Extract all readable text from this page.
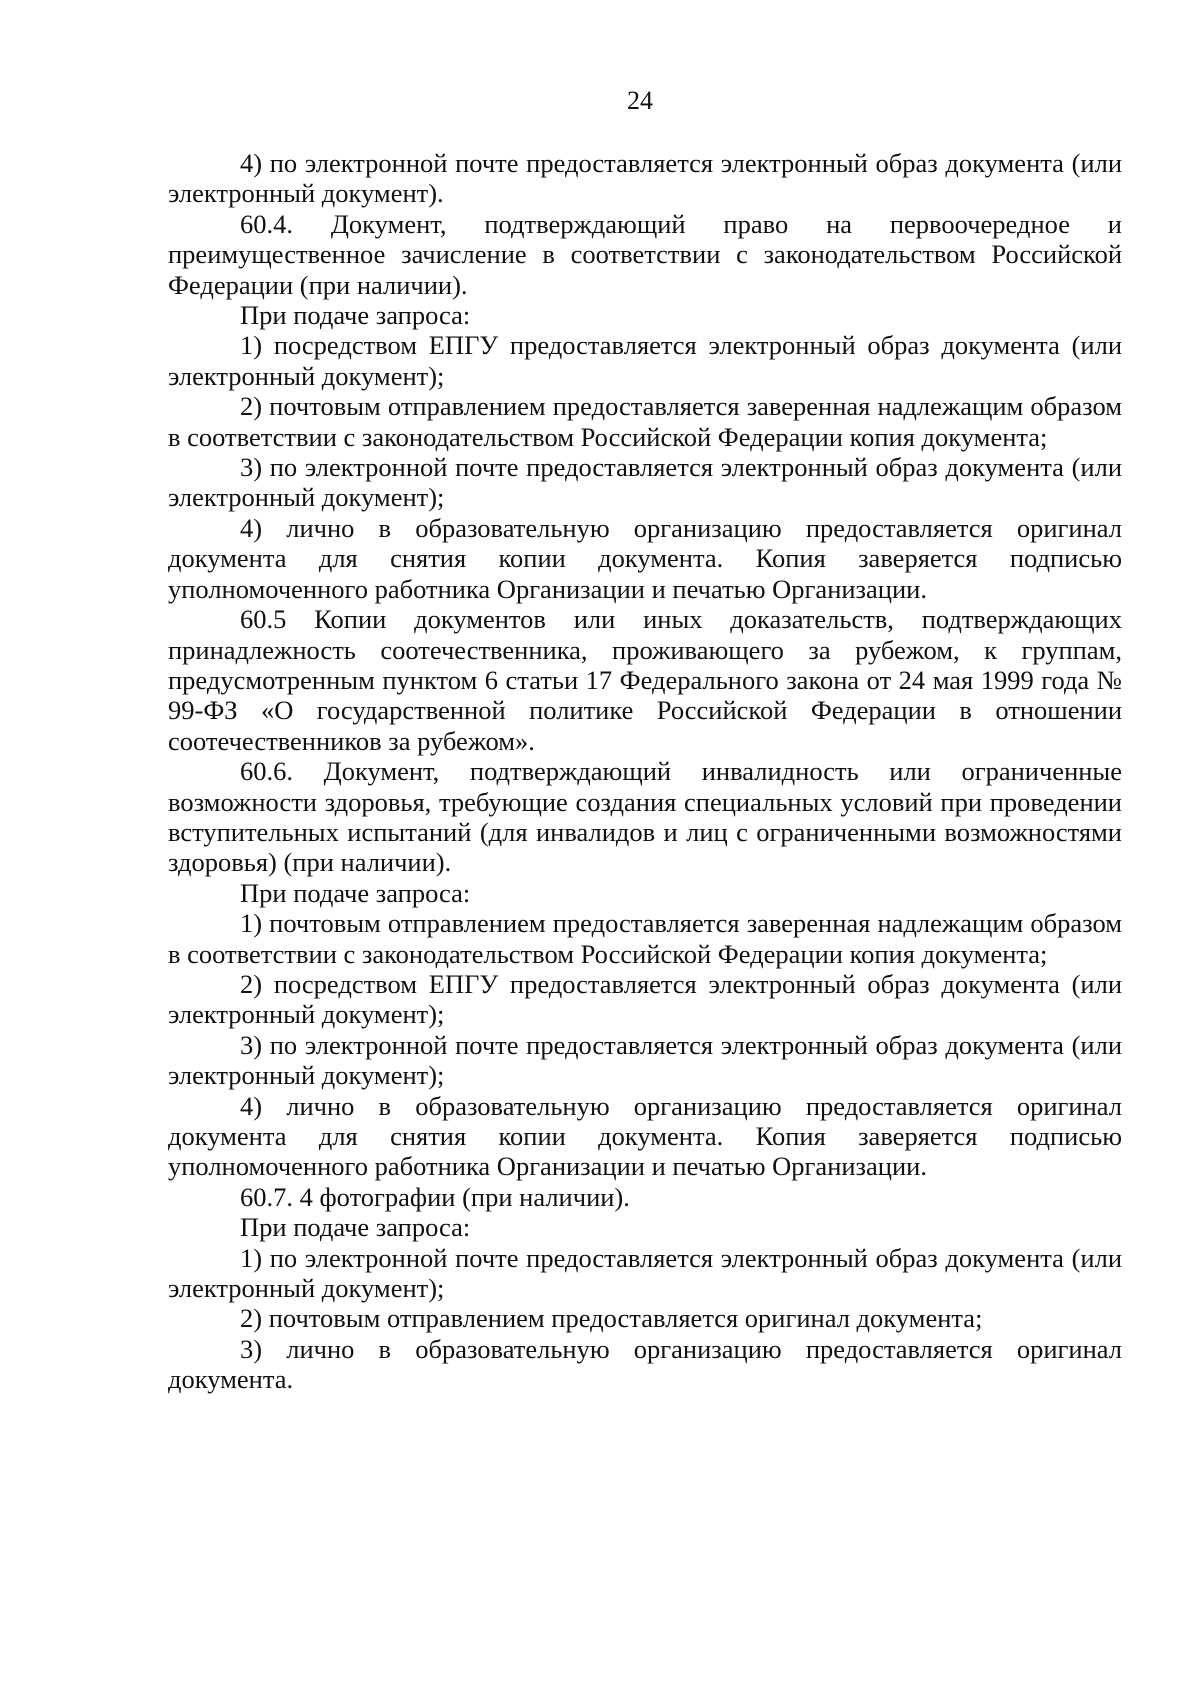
24

4) по электронной почте предоставляется электронный образ документа (или электронный документ).

60.4. Документ, подтверждающий право на первоочередное и преимущественное зачисление в соответствии с законодательством Российской Федерации (при наличии).

При подаче запроса:

1) посредством ЕПГУ предоставляется электронный образ документа (или электронный документ);

2) почтовым отправлением предоставляется заверенная надлежащим образом в соответствии с законодательством Российской Федерации копия документа;

3) по электронной почте предоставляется электронный образ документа (или электронный документ);

4) лично в образовательную организацию предоставляется оригинал документа для снятия копии документа. Копия заверяется подписью уполномоченного работника Организации и печатью Организации.

60.5 Копии документов или иных доказательств, подтверждающих принадлежность соотечественника, проживающего за рубежом, к группам, предусмотренным пунктом 6 статьи 17 Федерального закона от 24 мая 1999 года № 99-ФЗ «О государственной политике Российской Федерации в отношении соотечественников за рубежом».

60.6. Документ, подтверждающий инвалидность или ограниченные возможности здоровья, требующие создания специальных условий при проведении вступительных испытаний (для инвалидов и лиц с ограниченными возможностями здоровья) (при наличии).

При подаче запроса:

1) почтовым отправлением предоставляется заверенная надлежащим образом в соответствии с законодательством Российской Федерации копия документа;

2) посредством ЕПГУ предоставляется электронный образ документа (или электронный документ);

3) по электронной почте предоставляется электронный образ документа (или электронный документ);

4) лично в образовательную организацию предоставляется оригинал документа для снятия копии документа. Копия заверяется подписью уполномоченного работника Организации и печатью Организации.

60.7. 4 фотографии (при наличии).

При подаче запроса:

1) по электронной почте предоставляется электронный образ документа (или электронный документ);

2) почтовым отправлением предоставляется оригинал документа;

3) лично в образовательную организацию предоставляется оригинал документа.
